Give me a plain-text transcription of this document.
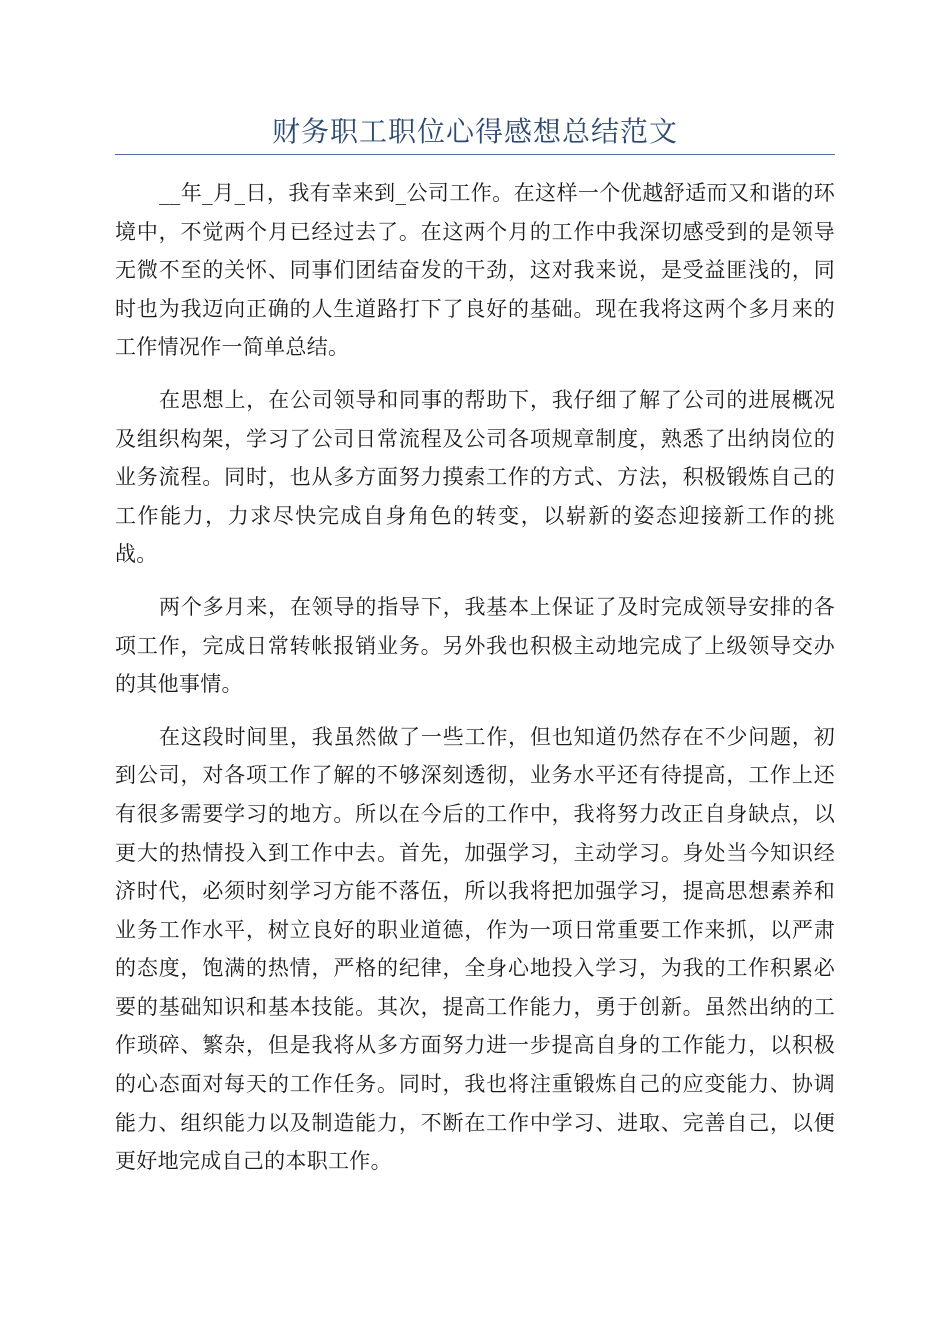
财务职工职位心得感想总结范文

__年_月_日，我有幸来到_公司工作。在这样一个优越舒适而又和谐的环境中，不觉两个月已经过去了。在这两个月的工作中我深切感受到的是领导无微不至的关怀、同事们团结奋发的干劲，这对我来说，是受益匪浅的，同时也为我迈向正确的人生道路打下了良好的基础。现在我将这两个多月来的工作情况作一简单总结。

在思想上，在公司领导和同事的帮助下，我仔细了解了公司的进展概况及组织构架，学习了公司日常流程及公司各项规章制度，熟悉了出纳岗位的业务流程。同时，也从多方面努力摸索工作的方式、方法，积极锻炼自己的工作能力，力求尽快完成自身角色的转变，以崭新的姿态迎接新工作的挑战。

两个多月来，在领导的指导下，我基本上保证了及时完成领导安排的各项工作，完成日常转帐报销业务。另外我也积极主动地完成了上级领导交办的其他事情。

在这段时间里，我虽然做了一些工作，但也知道仍然存在不少问题，初到公司，对各项工作了解的不够深刻透彻，业务水平还有待提高，工作上还有很多需要学习的地方。所以在今后的工作中，我将努力改正自身缺点，以更大的热情投入到工作中去。首先，加强学习，主动学习。身处当今知识经济时代，必须时刻学习方能不落伍，所以我将把加强学习，提高思想素养和业务工作水平，树立良好的职业道德，作为一项日常重要工作来抓，以严肃的态度，饱满的热情，严格的纪律，全身心地投入学习，为我的工作积累必要的基础知识和基本技能。其次，提高工作能力，勇于创新。虽然出纳的工作琐碎、繁杂，但是我将从多方面努力进一步提高自身的工作能力，以积极的心态面对每天的工作任务。同时，我也将注重锻炼自己的应变能力、协调能力、组织能力以及制造能力，不断在工作中学习、进取、完善自己，以便更好地完成自己的本职工作。
